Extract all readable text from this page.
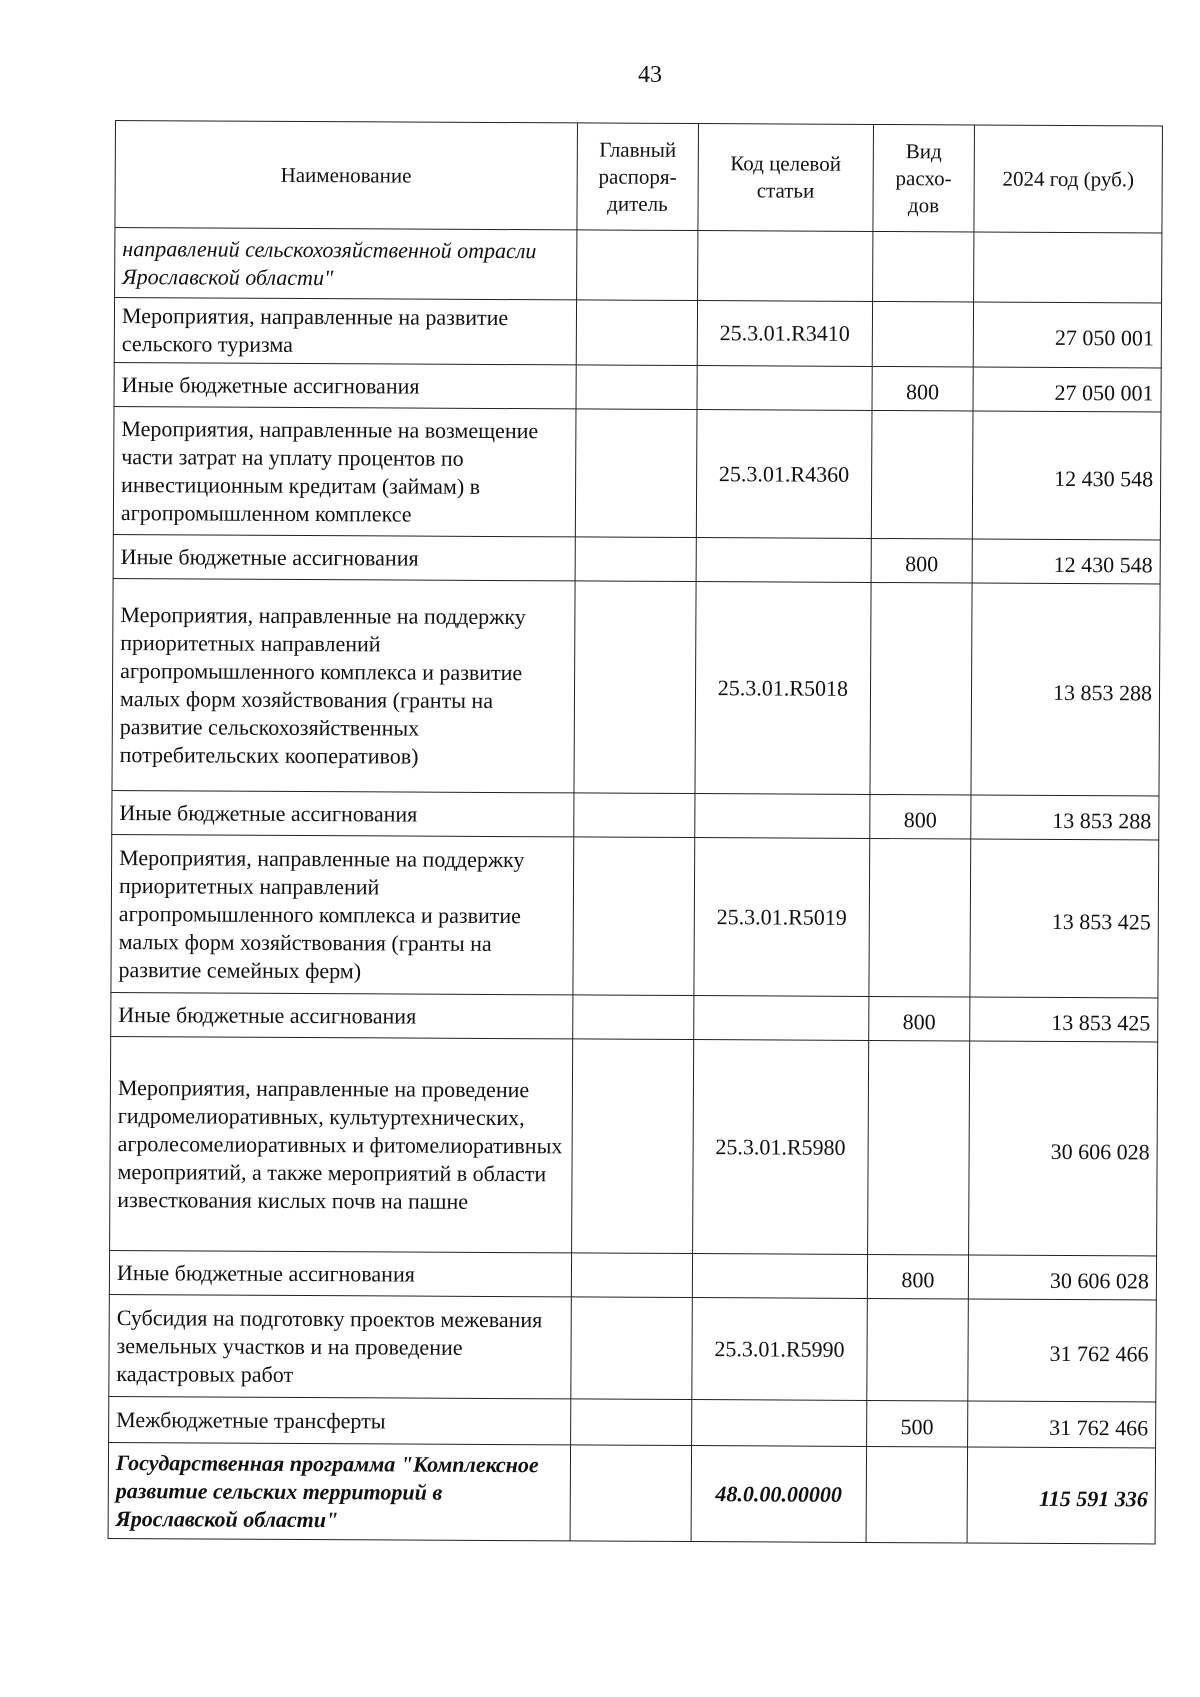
43
Наименование	Главный распоря-дитель	Код целевой статьи	Вид расхо-дов	2024 год (руб.)
направлений сельскохозяйственной отрасли Ярославской области"				
Мероприятия, направленные на развитие сельского туризма		25.3.01.R3410		27 050 001
Иные бюджетные ассигнования			800	27 050 001
Мероприятия, направленные на возмещение части затрат на уплату процентов по инвестиционным кредитам (займам) в агропромышленном комплексе		25.3.01.R4360		12 430 548
Иные бюджетные ассигнования			800	12 430 548
Мероприятия, направленные на поддержку приоритетных направлений агропромышленного комплекса и развитие малых форм хозяйствования (гранты на развитие сельскохозяйственных потребительских кооперативов)		25.3.01.R5018		13 853 288
Иные бюджетные ассигнования			800	13 853 288
Мероприятия, направленные на поддержку приоритетных направлений агропромышленного комплекса и развитие малых форм хозяйствования (гранты на развитие семейных ферм)		25.3.01.R5019		13 853 425
Иные бюджетные ассигнования			800	13 853 425
Мероприятия, направленные на проведение гидромелиоративных, культуртехнических, агролесомелиоративных и фитомелиоративных мероприятий, а также мероприятий в области известкования кислых почв на пашне		25.3.01.R5980		30 606 028
Иные бюджетные ассигнования			800	30 606 028
Субсидия на подготовку проектов межевания земельных участков и на проведение кадастровых работ		25.3.01.R5990		31 762 466
Межбюджетные трансферты			500	31 762 466
Государственная программа "Комплексное развитие сельских территорий в Ярославской области"		48.0.00.00000		115 591 336
